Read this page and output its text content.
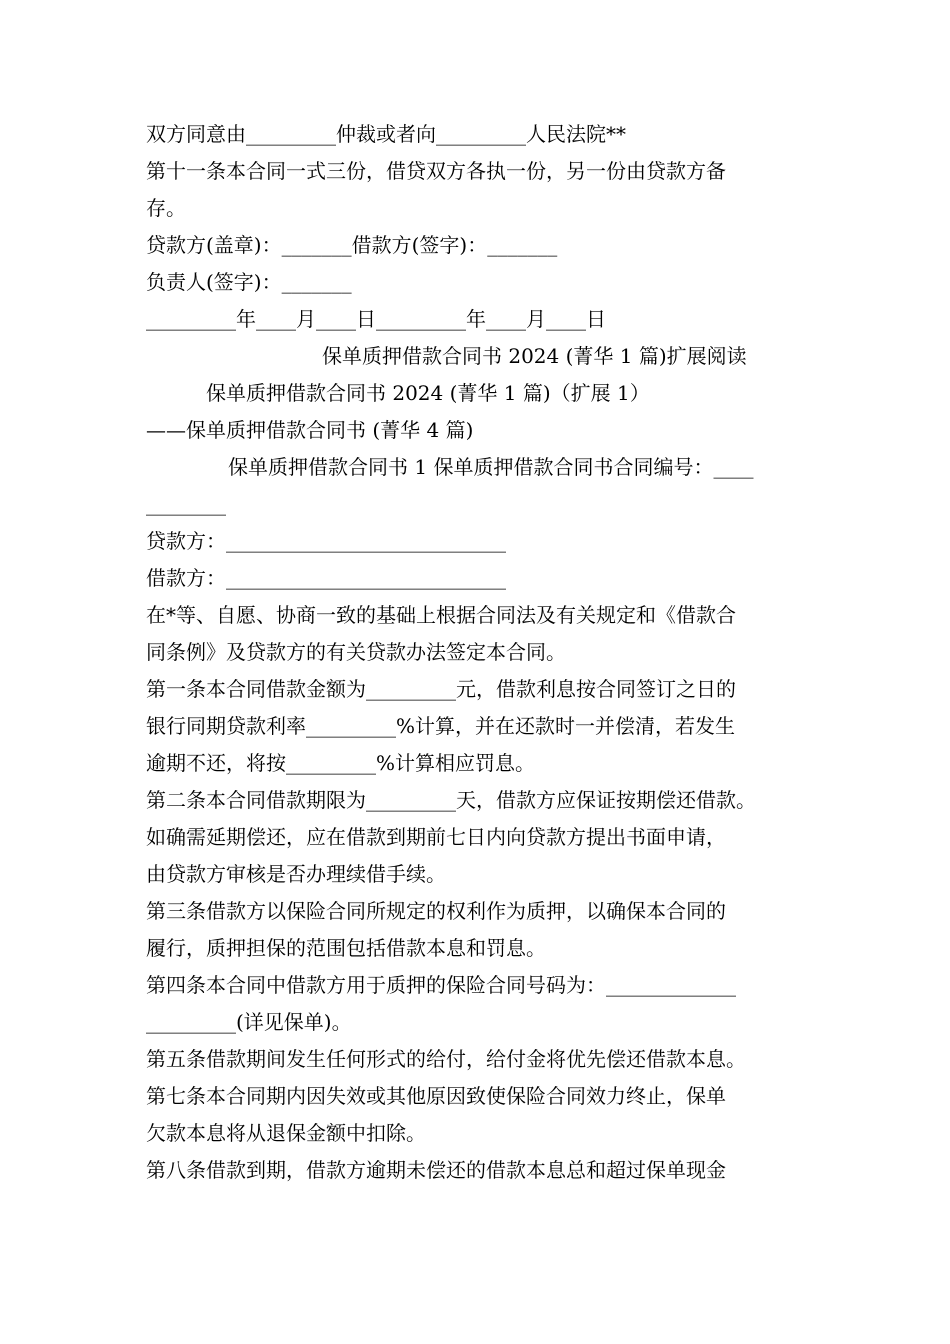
双方同意由_________仲裁或者向_________人民法院**
第十一条本合同一式三份，借贷双方各执一份，另一份由贷款方备
存。
贷款方(盖章)：_______借款方(签字)：_______
负责人(签字)：_______
_________年____月____日_________年____月____日
保单质押借款合同书 2024 (菁华 1 篇)扩展阅读
保单质押借款合同书 2024 (菁华 1 篇)（扩展 1）
——保单质押借款合同书 (菁华 4 篇)
保单质押借款合同书 1 保单质押借款合同书合同编号：____
________
贷款方：____________________________
借款方：____________________________
在*等、自愿、协商一致的基础上根据合同法及有关规定和《借款合
同条例》及贷款方的有关贷款办法签定本合同。
第一条本合同借款金额为_________元，借款利息按合同签订之日的
银行同期贷款利率_________%计算，并在还款时一并偿清，若发生
逾期不还，将按_________%计算相应罚息。
第二条本合同借款期限为_________天，借款方应保证按期偿还借款。
如确需延期偿还，应在借款到期前七日内向贷款方提出书面申请，
由贷款方审核是否办理续借手续。
第三条借款方以保险合同所规定的权利作为质押，以确保本合同的
履行，质押担保的范围包括借款本息和罚息。
第四条本合同中借款方用于质押的保险合同号码为：_____________
_________(详见保单)。
第五条借款期间发生任何形式的给付，给付金将优先偿还借款本息。
第七条本合同期内因失效或其他原因致使保险合同效力终止，保单
欠款本息将从退保金额中扣除。
第八条借款到期，借款方逾期未偿还的借款本息总和超过保单现金
